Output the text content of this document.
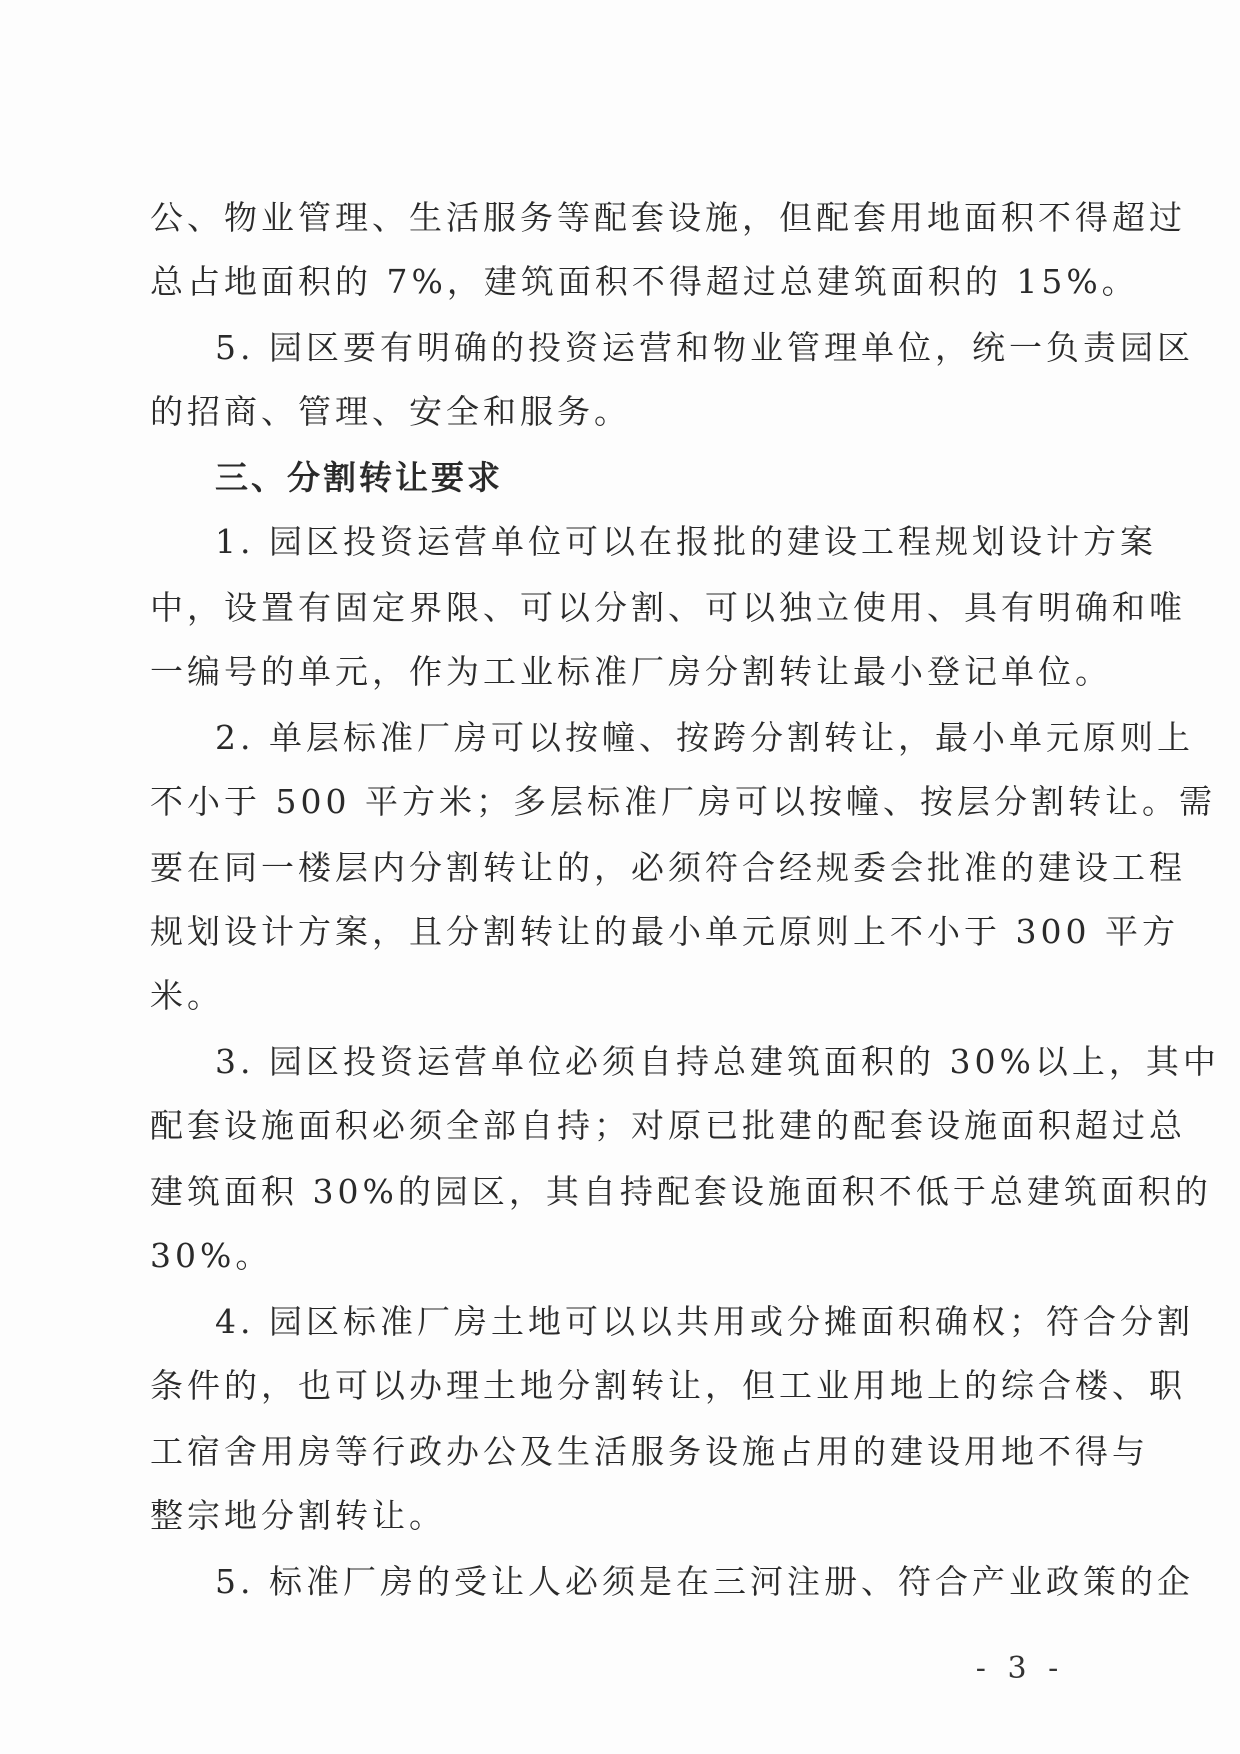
公、物业管理、生活服务等配套设施，但配套用地面积不得超过
总占地面积的 7%，建筑面积不得超过总建筑面积的 15%。
5. 园区要有明确的投资运营和物业管理单位，统一负责园区
的招商、管理、安全和服务。
三、分割转让要求
1. 园区投资运营单位可以在报批的建设工程规划设计方案
中，设置有固定界限、可以分割、可以独立使用、具有明确和唯
一编号的单元，作为工业标准厂房分割转让最小登记单位。
2. 单层标准厂房可以按幢、按跨分割转让，最小单元原则上
不小于 500 平方米；多层标准厂房可以按幢、按层分割转让。需
要在同一楼层内分割转让的，必须符合经规委会批准的建设工程
规划设计方案，且分割转让的最小单元原则上不小于 300 平方
米。
3. 园区投资运营单位必须自持总建筑面积的 30%以上，其中
配套设施面积必须全部自持；对原已批建的配套设施面积超过总
建筑面积 30%的园区，其自持配套设施面积不低于总建筑面积的
30%。
4. 园区标准厂房土地可以以共用或分摊面积确权；符合分割
条件的，也可以办理土地分割转让，但工业用地上的综合楼、职
工宿舍用房等行政办公及生活服务设施占用的建设用地不得与
整宗地分割转让。
5. 标准厂房的受让人必须是在三河注册、符合产业政策的企
- 3 -
